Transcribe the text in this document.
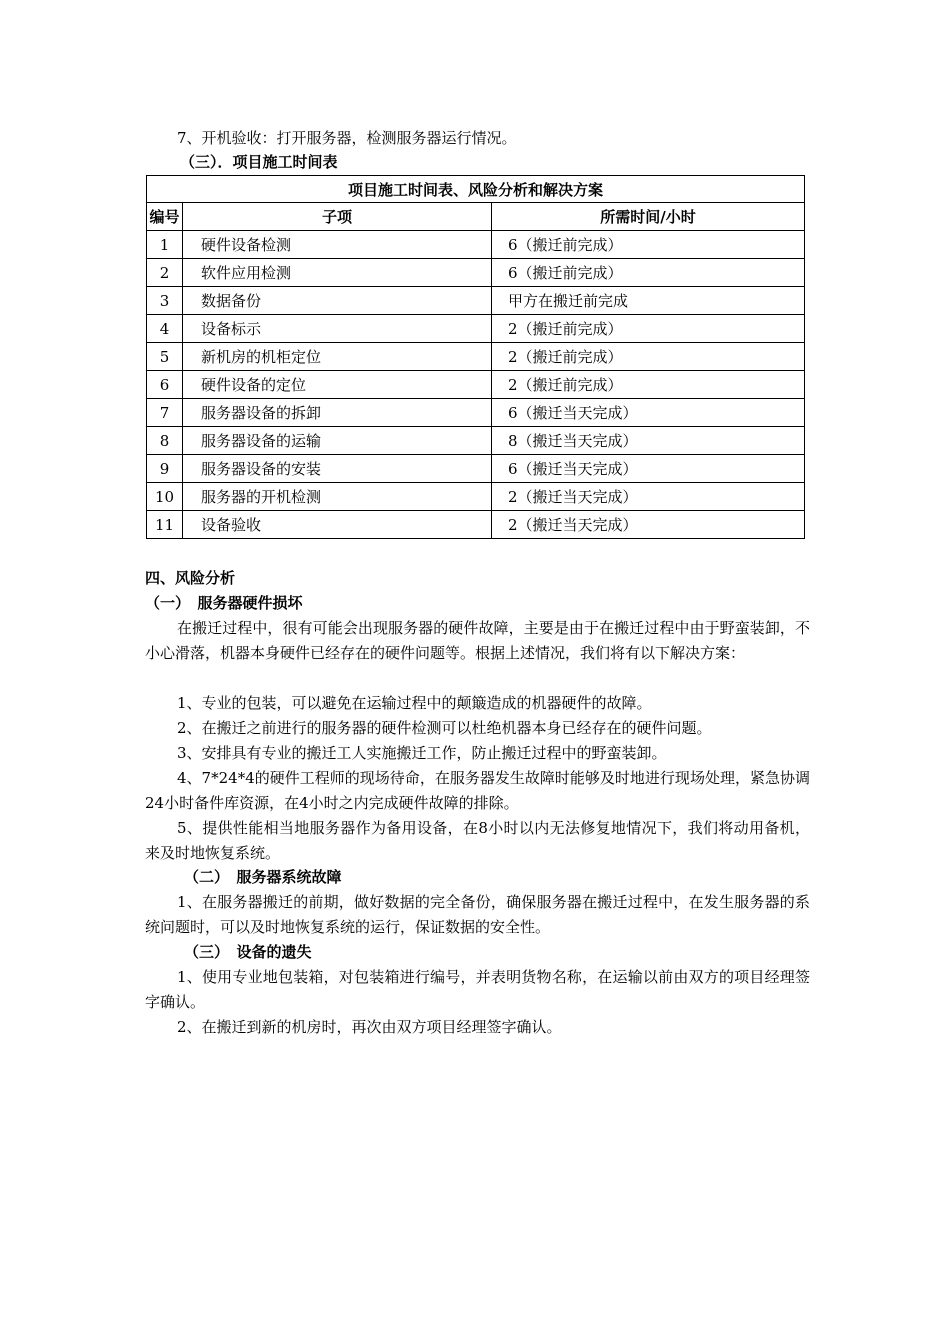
7、开机验收：打开服务器，检测服务器运行情况。
（三）．项目施工时间表
项目施工时间表、风险分析和解决方案		
编号	子项	所需时间/小时
1	硬件设备检测	6（搬迁前完成）
2	软件应用检测	6（搬迁前完成）
3	数据备份	甲方在搬迁前完成
4	设备标示	2（搬迁前完成）
5	新机房的机柜定位	2（搬迁前完成）
6	硬件设备的定位	2（搬迁前完成）
7	服务器设备的拆卸	6（搬迁当天完成）
8	服务器设备的运输	8（搬迁当天完成）
9	服务器设备的安装	6（搬迁当天完成）
10	服务器的开机检测	2（搬迁当天完成）
11	设备验收	2（搬迁当天完成）
四、风险分析
（一）　服务器硬件损坏
在搬迁过程中，很有可能会出现服务器的硬件故障，主要是由于在搬迁过程中由于野蛮装卸，不小心滑落，机器本身硬件已经存在的硬件问题等。根据上述情况，我们将有以下解决方案：
1、专业的包装，可以避免在运输过程中的颠簸造成的机器硬件的故障。
2、在搬迁之前进行的服务器的硬件检测可以杜绝机器本身已经存在的硬件问题。
3、安排具有专业的搬迁工人实施搬迁工作，防止搬迁过程中的野蛮装卸。
4、7*24*4的硬件工程师的现场待命，在服务器发生故障时能够及时地进行现场处理，紧急协调24小时备件库资源，在4小时之内完成硬件故障的排除。
5、提供性能相当地服务器作为备用设备，在8小时以内无法修复地情况下，我们将动用备机，来及时地恢复系统。
（二）　服务器系统故障
1、在服务器搬迁的前期，做好数据的完全备份，确保服务器在搬迁过程中，在发生服务器的系统问题时，可以及时地恢复系统的运行，保证数据的安全性。
（三）　设备的遗失
1、使用专业地包装箱，对包装箱进行编号，并表明货物名称，在运输以前由双方的项目经理签字确认。
2、在搬迁到新的机房时，再次由双方项目经理签字确认。
